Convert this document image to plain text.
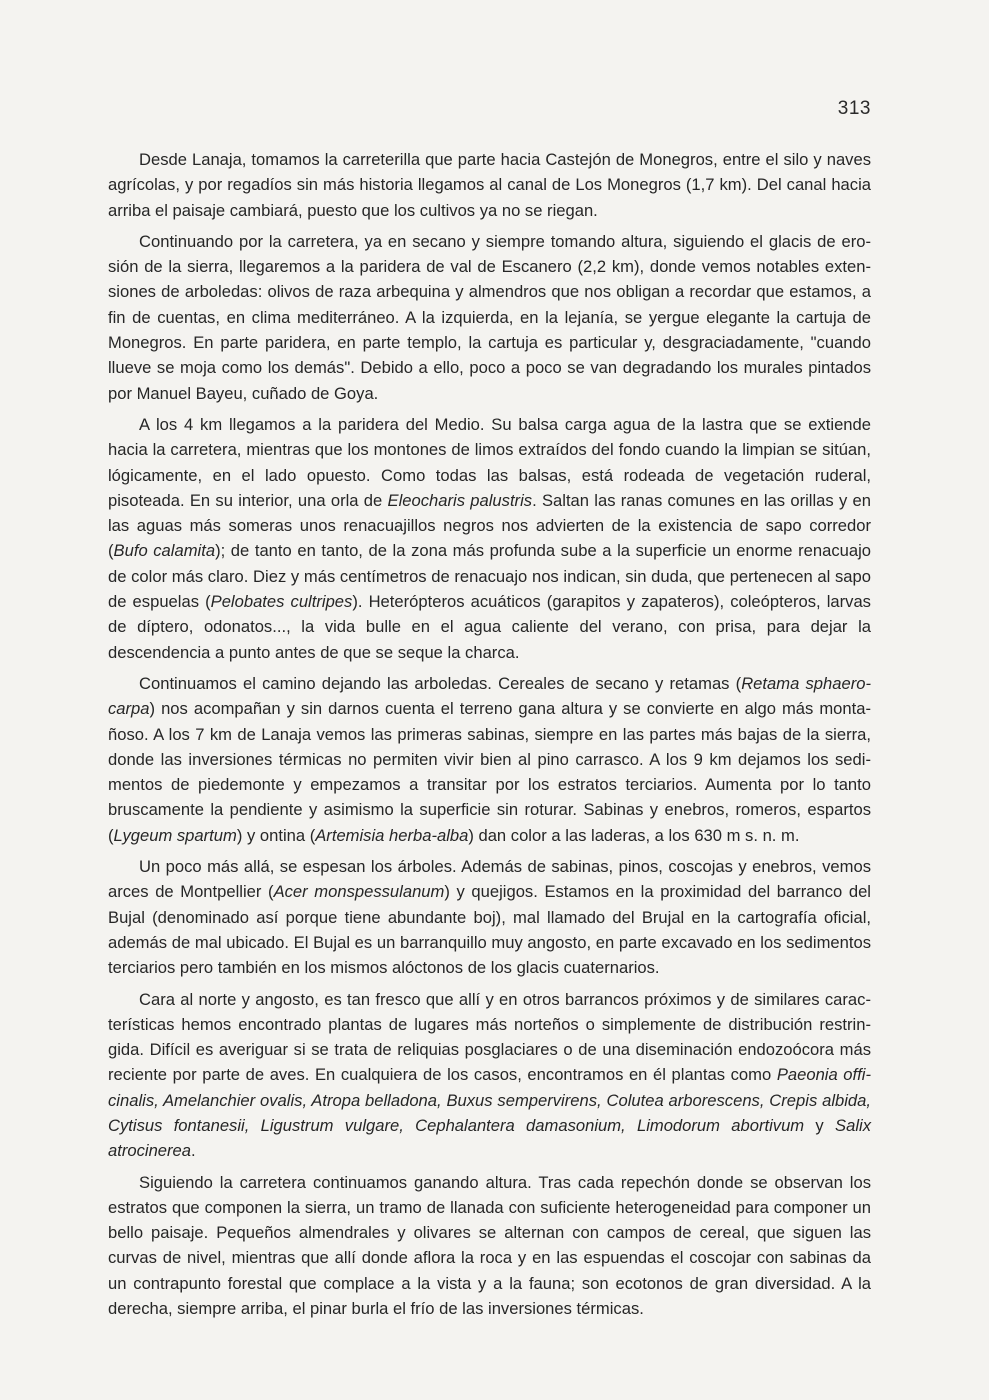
313

Desde Lanaja, tomamos la carreterilla que parte hacia Castejón de Monegros, entre el silo y naves agrícolas, y por regadíos sin más historia llegamos al canal de Los Monegros (1,7 km). Del canal hacia arriba el paisaje cambiará, puesto que los cultivos ya no se riegan.

Continuando por la carretera, ya en secano y siempre tomando altura, siguiendo el glacis de erosión de la sierra, llegaremos a la paridera de val de Escanero (2,2 km), donde vemos notables extensiones de arboledas: olivos de raza arbequina y almendros que nos obligan a recordar que estamos, a fin de cuentas, en clima mediterráneo. A la izquierda, en la lejanía, se yergue elegante la cartuja de Monegros. En parte paridera, en parte templo, la cartuja es particular y, desgraciadamente, "cuando llueve se moja como los demás". Debido a ello, poco a poco se van degradando los murales pintados por Manuel Bayeu, cuñado de Goya.

A los 4 km llegamos a la paridera del Medio. Su balsa carga agua de la lastra que se extiende hacia la carretera, mientras que los montones de limos extraídos del fondo cuando la limpian se sitúan, lógicamente, en el lado opuesto. Como todas las balsas, está rodeada de vegetación ruderal, pisoteada. En su interior, una orla de Eleocharis palustris. Saltan las ranas comunes en las orillas y en las aguas más someras unos renacuajillos negros nos advierten de la existencia de sapo corredor (Bufo calamita); de tanto en tanto, de la zona más profunda sube a la superficie un enorme renacuajo de color más claro. Diez y más centímetros de renacuajo nos indican, sin duda, que pertenecen al sapo de espuelas (Pelobates cultripes). Heterópteros acuáticos (garapitos y zapateros), coleópteros, larvas de díptero, odonatos..., la vida bulle en el agua caliente del verano, con prisa, para dejar la descendencia a punto antes de que se seque la charca.

Continuamos el camino dejando las arboledas. Cereales de secano y retamas (Retama sphaerocarpa) nos acompañan y sin darnos cuenta el terreno gana altura y se convierte en algo más montañoso. A los 7 km de Lanaja vemos las primeras sabinas, siempre en las partes más bajas de la sierra, donde las inversiones térmicas no permiten vivir bien al pino carrasco. A los 9 km dejamos los sedimentos de piedemonte y empezamos a transitar por los estratos terciarios. Aumenta por lo tanto bruscamente la pendiente y asimismo la superficie sin roturar. Sabinas y enebros, romeros, espartos (Lygeum spartum) y ontina (Artemisia herba-alba) dan color a las laderas, a los 630 m s. n. m.

Un poco más allá, se espesan los árboles. Además de sabinas, pinos, coscojas y enebros, vemos arces de Montpellier (Acer monspessulanum) y quejigos. Estamos en la proximidad del barranco del Bujal (denominado así porque tiene abundante boj), mal llamado del Brujal en la cartografía oficial, además de mal ubicado. El Bujal es un barranquillo muy angosto, en parte excavado en los sedimentos terciarios pero también en los mismos alóctonos de los glacis cuaternarios.

Cara al norte y angosto, es tan fresco que allí y en otros barrancos próximos y de similares características hemos encontrado plantas de lugares más norteños o simplemente de distribución restringida. Difícil es averiguar si se trata de reliquias posglaciares o de una diseminación endozoócora más reciente por parte de aves. En cualquiera de los casos, encontramos en él plantas como Paeonia officinalis, Amelanchier ovalis, Atropa belladona, Buxus sempervirens, Colutea arborescens, Crepis albida, Cytisus fontanesii, Ligustrum vulgare, Cephalantera damasonium, Limodorum abortivum y Salix atrocinerea.

Siguiendo la carretera continuamos ganando altura. Tras cada repechón donde se observan los estratos que componen la sierra, un tramo de llanada con suficiente heterogeneidad para componer un bello paisaje. Pequeños almendrales y olivares se alternan con campos de cereal, que siguen las curvas de nivel, mientras que allí donde aflora la roca y en las espuendas el coscojar con sabinas da un contrapunto forestal que complace a la vista y a la fauna; son ecotonos de gran diversidad. A la derecha, siempre arriba, el pinar burla el frío de las inversiones térmicas.
